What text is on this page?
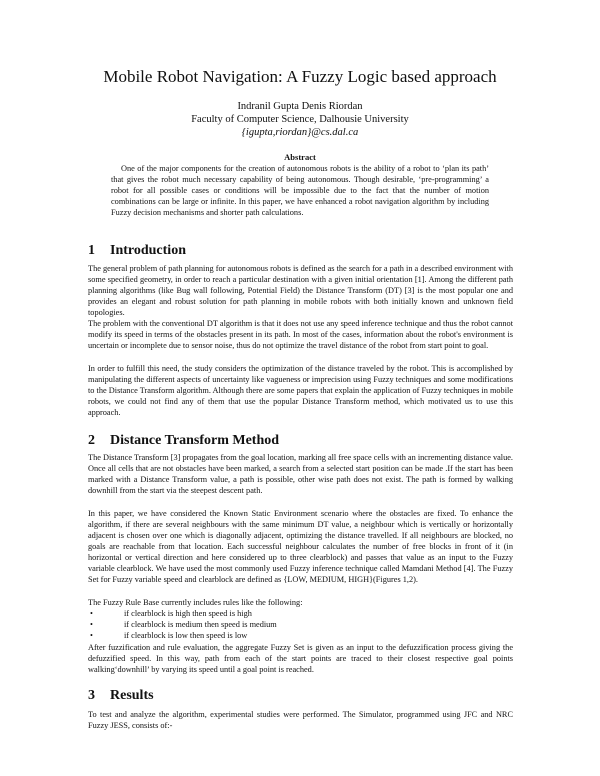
Mobile Robot Navigation: A Fuzzy Logic based approach
Indranil Gupta Denis Riordan
Faculty of Computer Science, Dalhousie University
{igupta,riordan}@cs.dal.ca
Abstract

One of the major components for the creation of autonomous robots is the ability of a robot to ‘plan its path’ that gives the robot much necessary capability of being autonomous. Though desirable, ‘pre-programming’ a robot for all possible cases or conditions will be impossible due to the fact that the number of motion combinations can be large or infinite. In this paper, we have enhanced a robot navigation algorithm by including Fuzzy decision mechanisms and shorter path calculations.

1 Introduction

The general problem of path planning for autonomous robots is defined as the search for a path in a described environment with some specified geometry, in order to reach a particular destination with a given initial orientation [1]. Among the different path planning algorithms (like Bug wall following, Potential Field) the Distance Transform (DT) [3] is the most popular one and provides an elegant and robust solution for path planning in mobile robots with both initially known and unknown field topologies.

The problem with the conventional DT algorithm is that it does not use any speed inference technique and thus the robot cannot modify its speed in terms of the obstacles present in its path. In most of the cases, information about the robot's environment is uncertain or incomplete due to sensor noise, thus do not optimize the travel distance of the robot from start point to goal.

In order to fulfill this need, the study considers the optimization of the distance traveled by the robot. This is accomplished by manipulating the different aspects of uncertainty like vagueness or imprecision using Fuzzy techniques and some modifications to the Distance Transform algorithm. Although there are some papers that explain the application of Fuzzy techniques in mobile robots, we could not find any of them that use the popular Distance Transform method, which motivated us to use this approach.

2 Distance Transform Method

The Distance Transform [3] propagates from the goal location, marking all free space cells with an incrementing distance value. Once all cells that are not obstacles have been marked, a search from a selected start position can be made .If the start has been marked with a Distance Transform value, a path is possible, other wise path does not exist. The path is formed by walking downhill from the start via the steepest descent path.

In this paper, we have considered the Known Static Environment scenario where the obstacles are fixed. To enhance the algorithm, if there are several neighbours with the same minimum DT value, a neighbour which is vertically or horizontally adjacent is chosen over one which is diagonally adjacent, optimizing the distance travelled. If all neighbours are blocked, no goals are reachable from that location. Each successful neighbour calculates the number of free blocks in front of it (in horizontal or vertical direction and here considered up to three clearblock) and passes that value as an input to the Fuzzy variable clearblock. We have used the most commonly used Fuzzy inference technique called Mamdani Method [4]. The Fuzzy Set for Fuzzy variable speed and clearblock are defined as {LOW, MEDIUM, HIGH}(Figures 1,2).

The Fuzzy Rule Base currently includes rules like the following:

•	if clearblock is high then speed is high
•	if clearblock is medium then speed is medium
•	if clearblock is low then speed is low

After fuzzification and rule evaluation, the aggregate Fuzzy Set is given as an input to the defuzzification process giving the defuzzified speed. In this way, path from each of the start points are traced to their closest respective goal points walking‘downhill’ by varying its speed until a goal point is reached.

3 Results

To test and analyze the algorithm, experimental studies were performed. The Simulator, programmed using JFC and NRC Fuzzy JESS, consists of:-
